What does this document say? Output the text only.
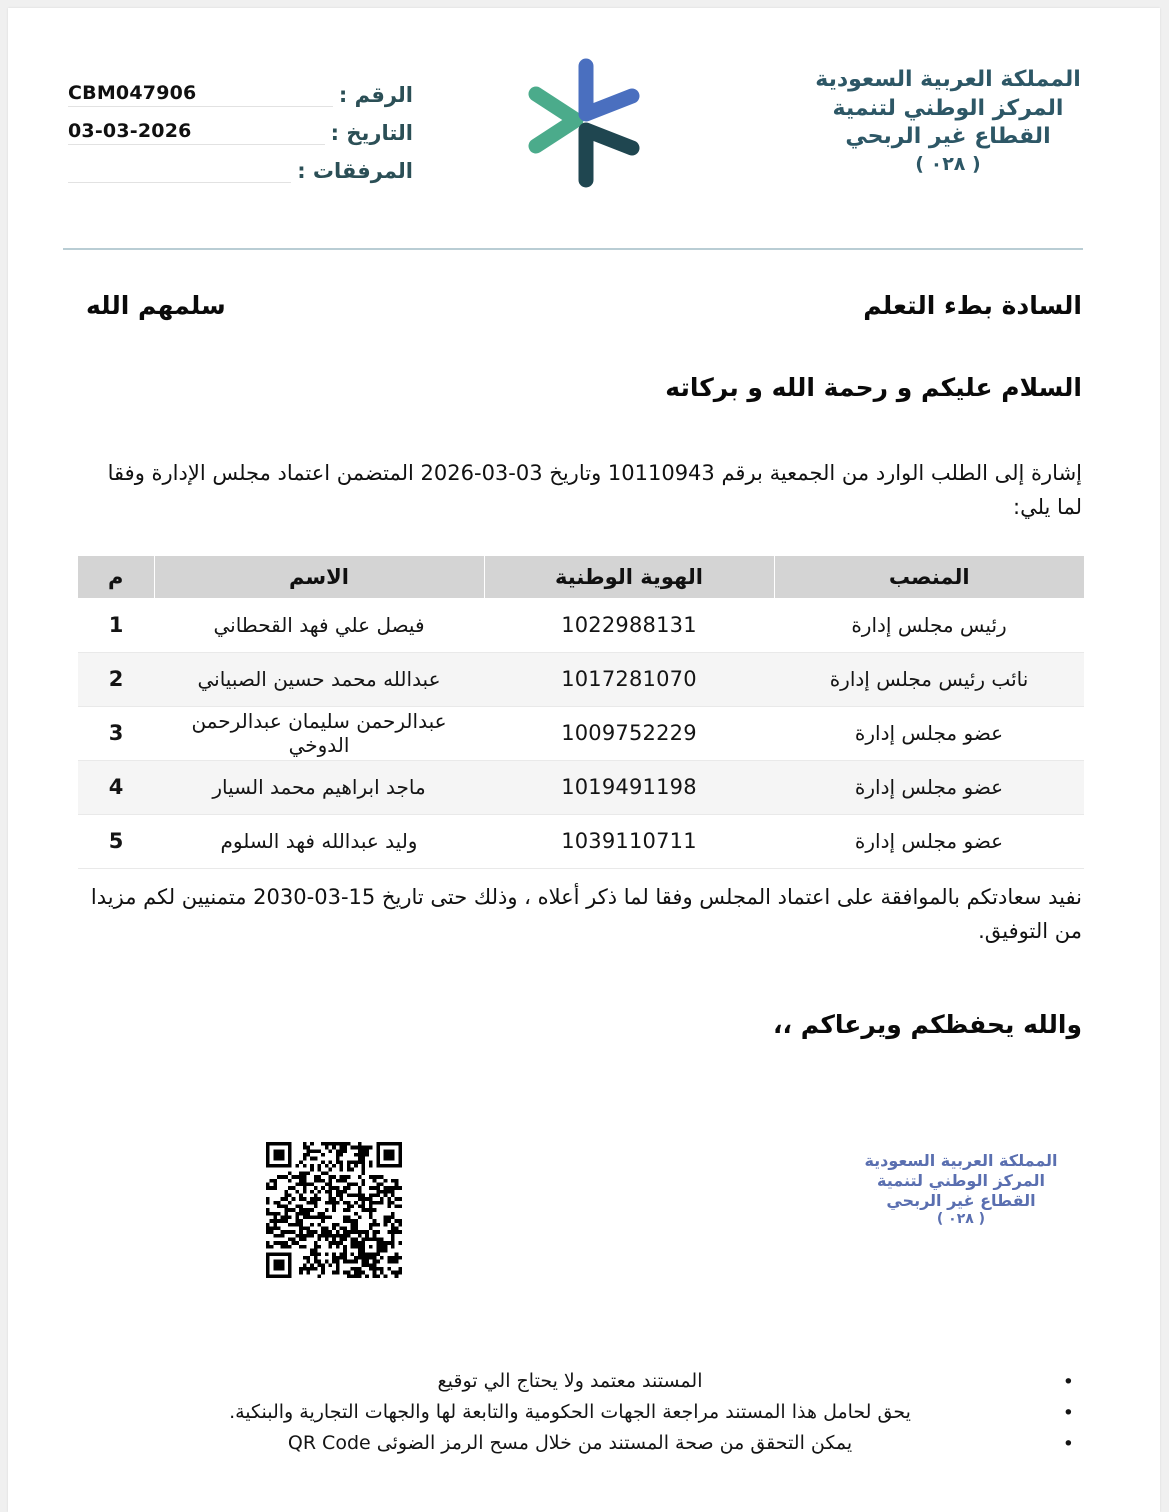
الرقم :
CBM047906
التاريخ :
03-03-2026
المرفقات :
المملكة العربية السعودية
المركز الوطني لتنمية
القطاع غير الربحي
( ٠٢٨ )
السادة بطء التعلم
سلمهم الله
السلام عليكم و رحمة الله و بركاته
إشارة إلى الطلب الوارد من الجمعية برقم 10110943 وتاريخ 03-03-2026 المتضمن اعتماد مجلس الإدارة وفقا لما يلي:
المنصب	الهوية الوطنية	الاسم	م
رئيس مجلس إدارة	1022988131	فيصل علي فهد القحطاني	1
نائب رئيس مجلس إدارة	1017281070	عبدالله محمد حسين الصبياني	2
عضو مجلس إدارة	1009752229	عبدالرحمن سليمان عبدالرحمن الدوخي	3
عضو مجلس إدارة	1019491198	ماجد ابراهيم محمد السيار	4
عضو مجلس إدارة	1039110711	وليد عبدالله فهد السلوم	5
نفيد سعادتكم بالموافقة على اعتماد المجلس وفقا لما ذكر أعلاه ، وذلك حتى تاريخ 15-03-2030 متمنيين لكم مزيدا من التوفيق.
والله يحفظكم ويرعاكم ،،
المملكة العربية السعودية
المركز الوطني لتنمية
القطاع غير الربحي
( ٠٢٨ )
•
المستند معتمد ولا يحتاج الي توقيع
•
يحق لحامل هذا المستند مراجعة الجهات الحكومية والتابعة لها والجهات التجارية والبنكية.
•
يمكن التحقق من صحة المستند من خلال مسح الرمز الضوئى QR Code
